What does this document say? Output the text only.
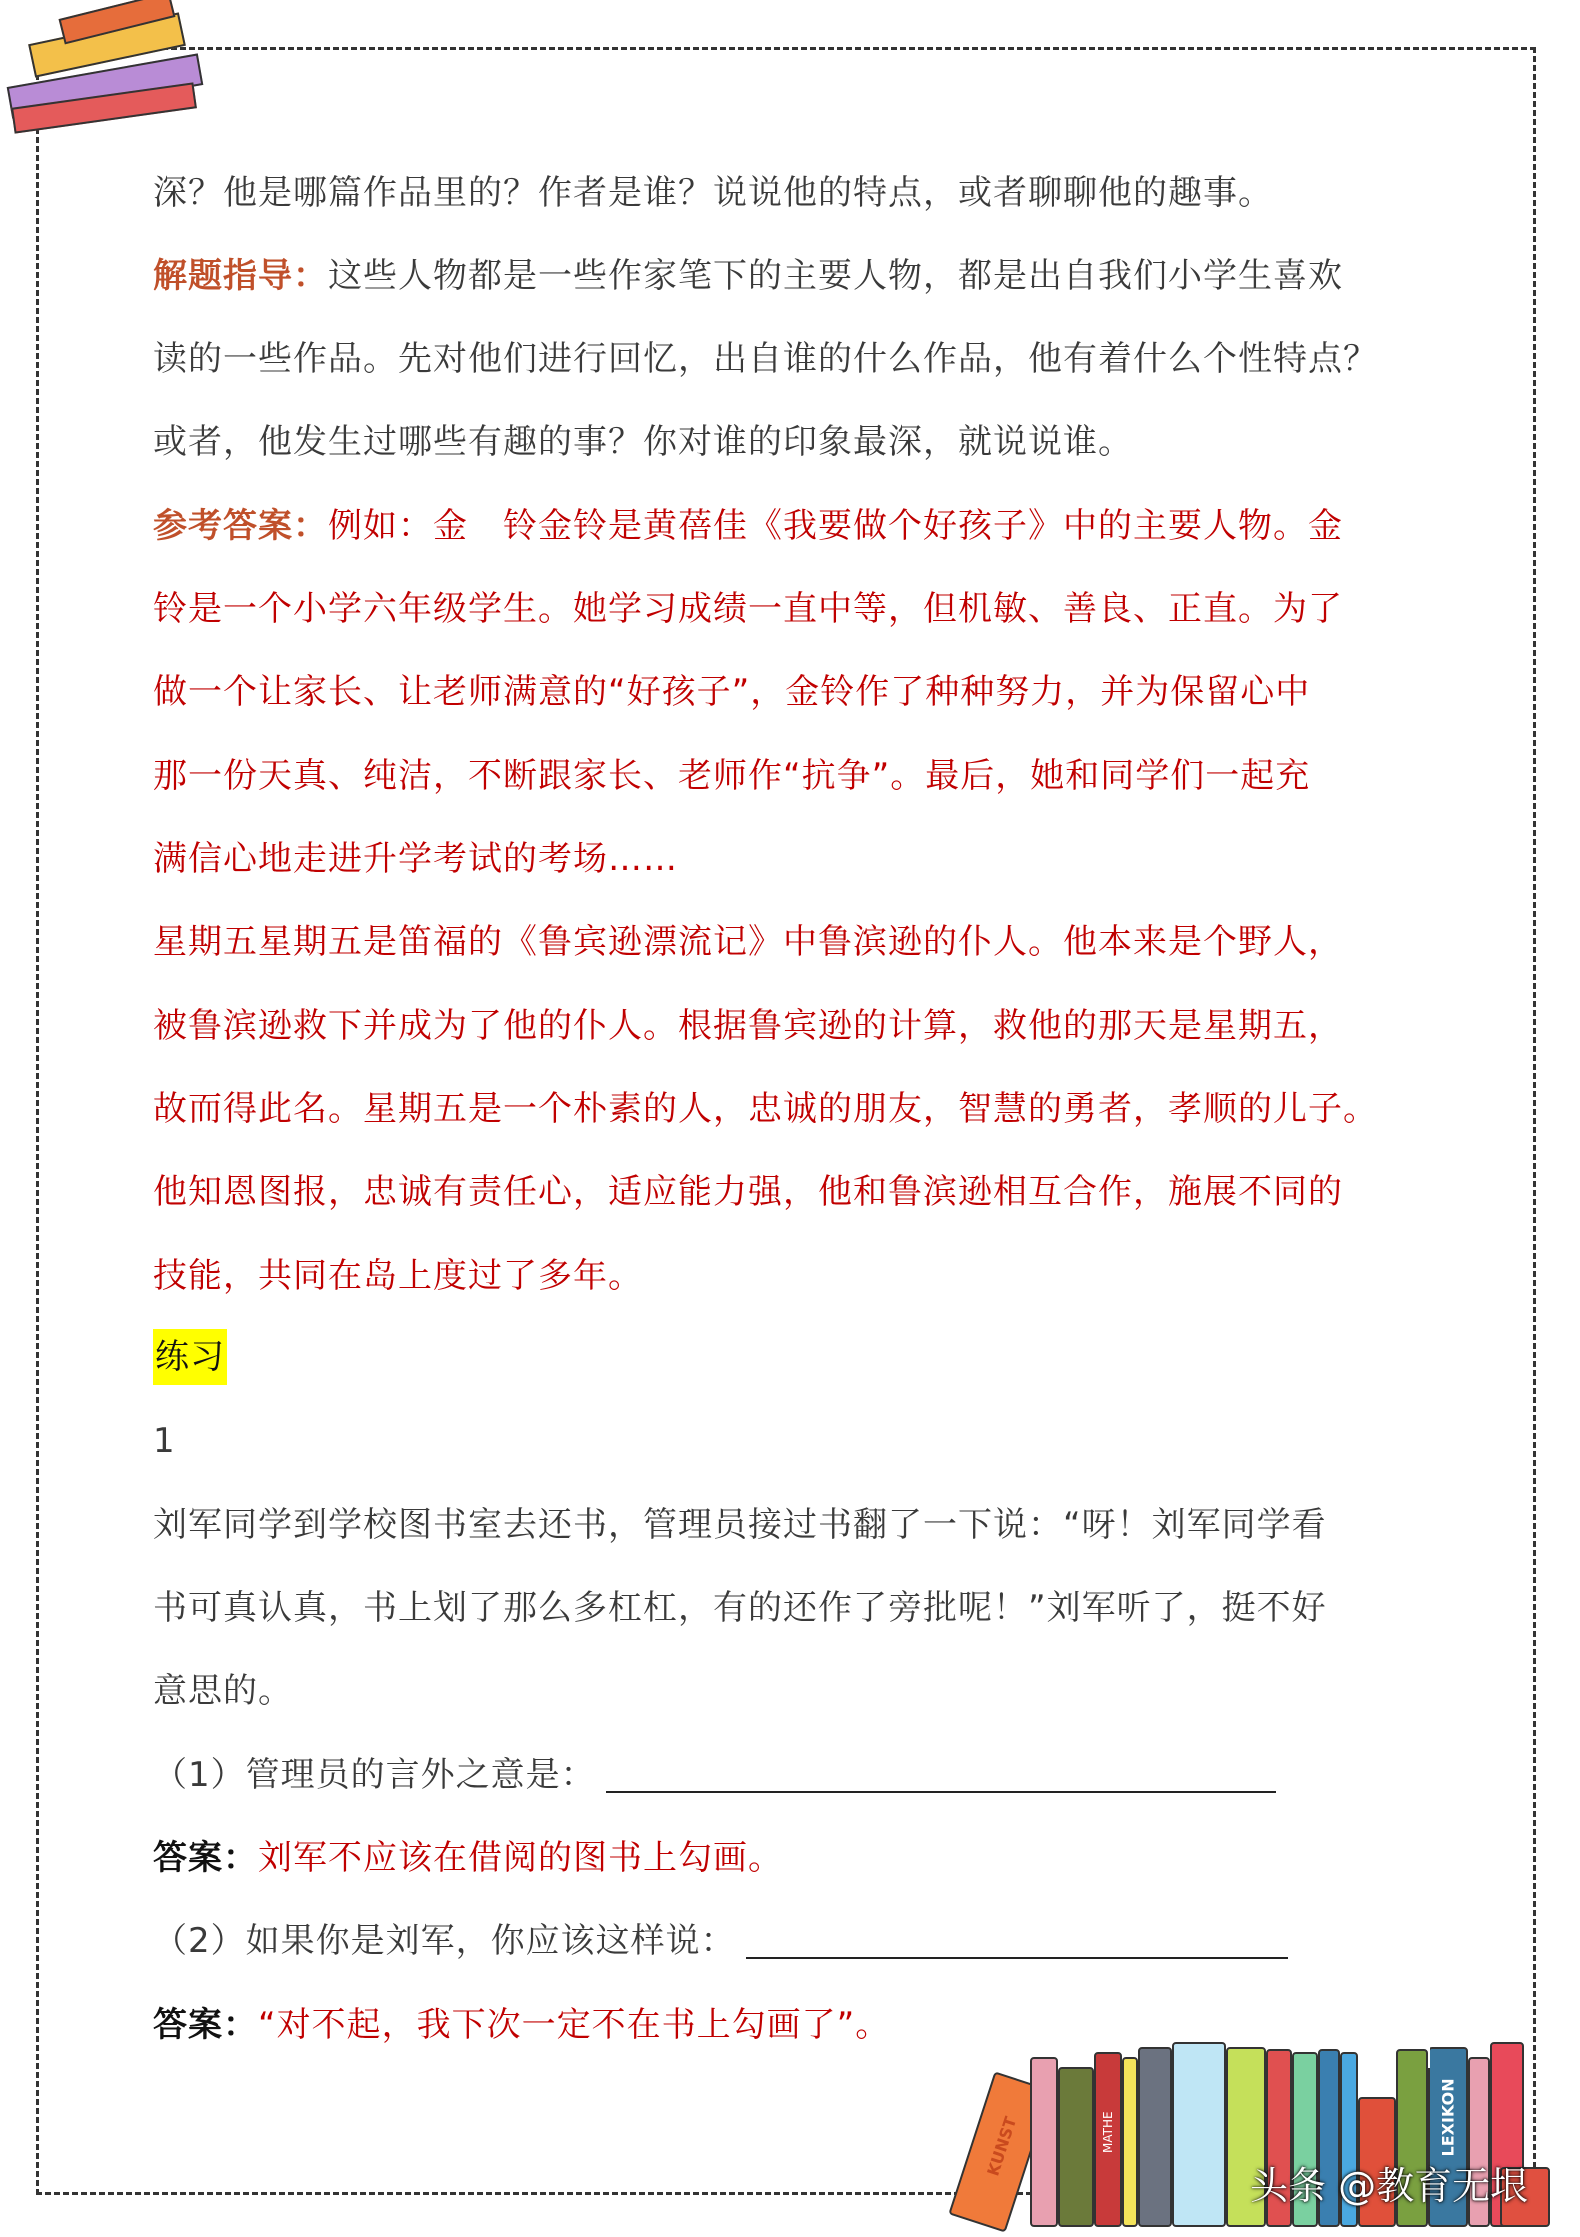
深？他是哪篇作品里的？作者是谁？说说他的特点，或者聊聊他的趣事。
解题指导：这些人物都是一些作家笔下的主要人物，都是出自我们小学生喜欢
读的一些作品。先对他们进行回忆，出自谁的什么作品，他有着什么个性特点？
或者，他发生过哪些有趣的事？你对谁的印象最深，就说说谁。
参考答案：例如：金　铃金铃是黄蓓佳《我要做个好孩子》中的主要人物。金
铃是一个小学六年级学生。她学习成绩一直中等，但机敏、善良、正直。为了
做一个让家长、让老师满意的“好孩子”，金铃作了种种努力，并为保留心中
那一份天真、纯洁，不断跟家长、老师作“抗争”。最后，她和同学们一起充
满信心地走进升学考试的考场……
星期五星期五是笛福的《鲁宾逊漂流记》中鲁滨逊的仆人。他本来是个野人，
被鲁滨逊救下并成为了他的仆人。根据鲁宾逊的计算，救他的那天是星期五，
故而得此名。星期五是一个朴素的人，忠诚的朋友，智慧的勇者，孝顺的儿子。
他知恩图报，忠诚有责任心，适应能力强，他和鲁滨逊相互合作，施展不同的
技能，共同在岛上度过了多年。
练习
1
刘军同学到学校图书室去还书，管理员接过书翻了一下说：“呀！刘军同学看
书可真认真，书上划了那么多杠杠，有的还作了旁批呢！”刘军听了，挺不好
意思的。
（1）管理员的言外之意是：
答案：刘军不应该在借阅的图书上勾画。
（2）如果你是刘军，你应该这样说：
答案：“对不起，我下次一定不在书上勾画了”。
KUNST	MATHE	LEXIKON
头条 @教育无垠
